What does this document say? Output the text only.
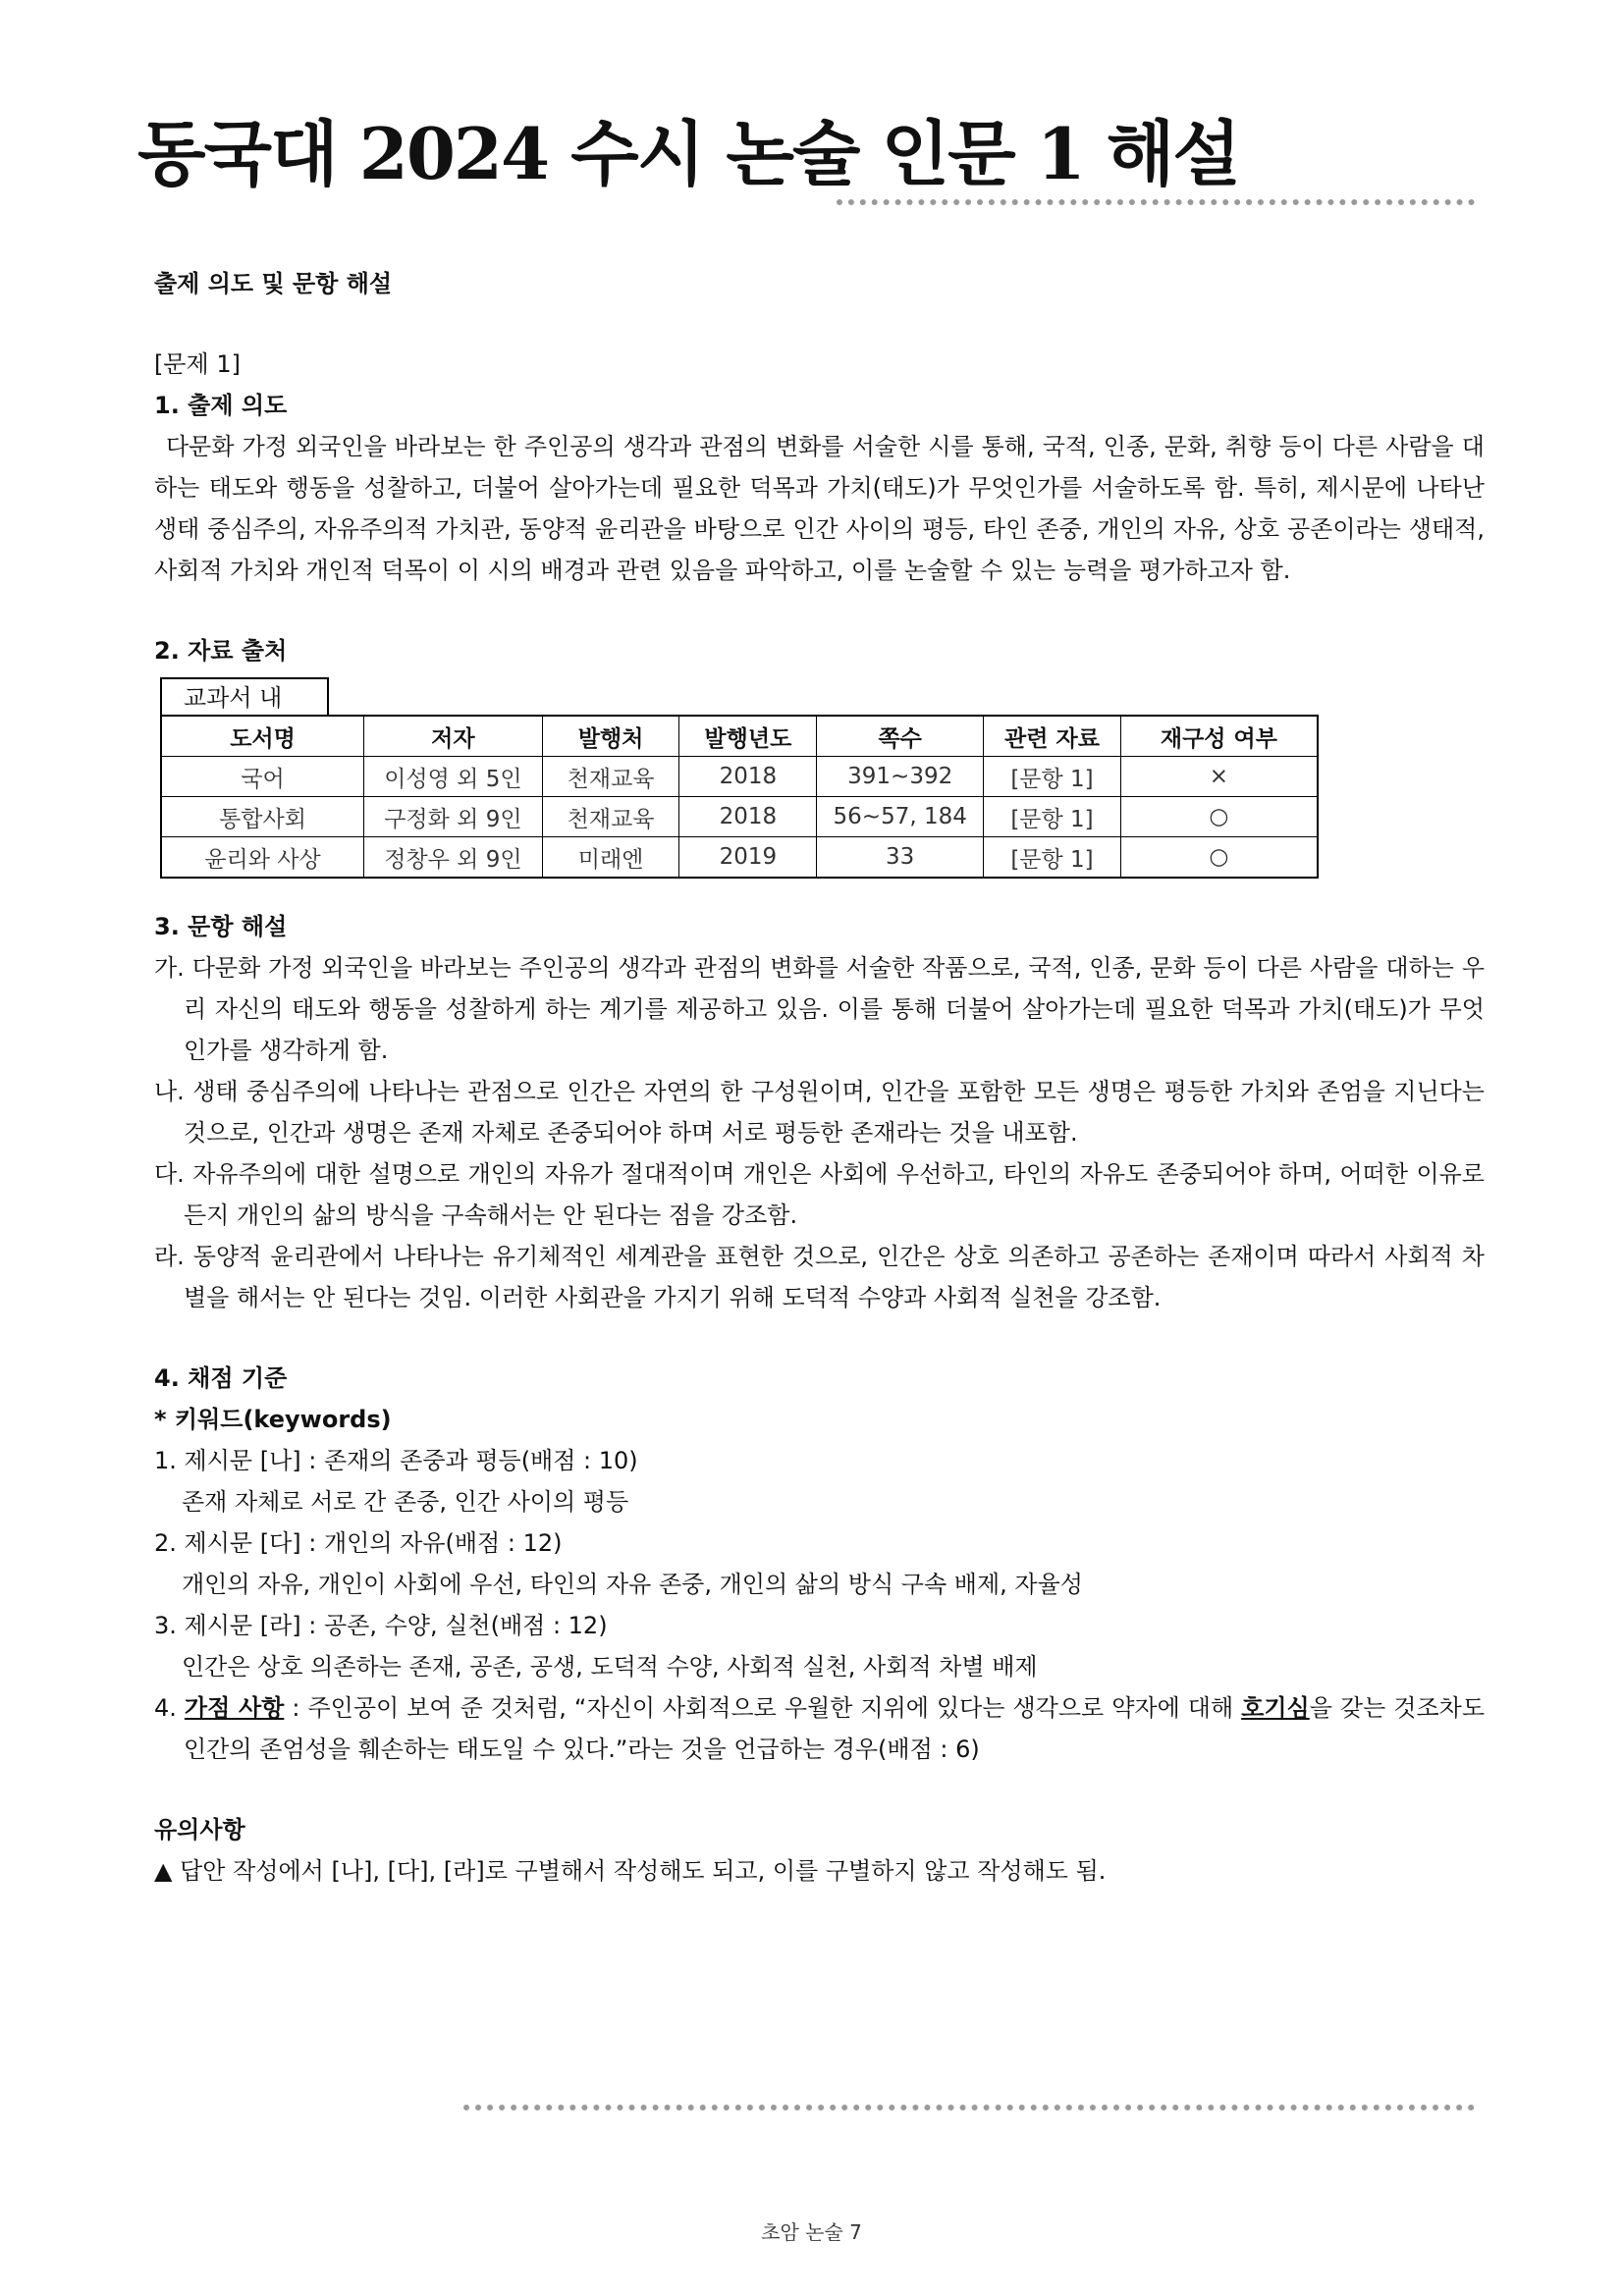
동국대 2024 수시 논술 인문 1 해설
출제 의도 및 문항 해설
[문제 1]
1. 출제 의도
다문화 가정 외국인을 바라보는 한 주인공의 생각과 관점의 변화를 서술한 시를 통해, 국적, 인종, 문화, 취향 등이 다른 사람을 대하는 태도와 행동을 성찰하고, 더불어 살아가는데 필요한 덕목과 가치(태도)가 무엇인가를 서술하도록 함. 특히, 제시문에 나타난 생태 중심주의, 자유주의적 가치관, 동양적 윤리관을 바탕으로 인간 사이의 평등, 타인 존중, 개인의 자유, 상호 공존이라는 생태적, 사회적 가치와 개인적 덕목이 이 시의 배경과 관련 있음을 파악하고, 이를 논술할 수 있는 능력을 평가하고자 함.
2. 자료 출처
교과서 내
도서명	저자	발행처	발행년도	쪽수	관련 자료	재구성 여부
국어	이성영 외 5인	천재교육	2018	391~392	[문항 1]	×
통합사회	구정화 외 9인	천재교육	2018	56~57, 184	[문항 1]	○
윤리와 사상	정창우 외 9인	미래엔	2019	33	[문항 1]	○
3. 문항 해설
가. 다문화 가정 외국인을 바라보는 주인공의 생각과 관점의 변화를 서술한 작품으로, 국적, 인종, 문화 등이 다른 사람을 대하는 우리 자신의 태도와 행동을 성찰하게 하는 계기를 제공하고 있음. 이를 통해 더불어 살아가는데 필요한 덕목과 가치(태도)가 무엇인가를 생각하게 함.
나. 생태 중심주의에 나타나는 관점으로 인간은 자연의 한 구성원이며, 인간을 포함한 모든 생명은 평등한 가치와 존엄을 지닌다는 것으로, 인간과 생명은 존재 자체로 존중되어야 하며 서로 평등한 존재라는 것을 내포함.
다. 자유주의에 대한 설명으로 개인의 자유가 절대적이며 개인은 사회에 우선하고, 타인의 자유도 존중되어야 하며, 어떠한 이유로든지 개인의 삶의 방식을 구속해서는 안 된다는 점을 강조함.
라. 동양적 윤리관에서 나타나는 유기체적인 세계관을 표현한 것으로, 인간은 상호 의존하고 공존하는 존재이며 따라서 사회적 차별을 해서는 안 된다는 것임. 이러한 사회관을 가지기 위해 도덕적 수양과 사회적 실천을 강조함.
4. 채점 기준
* 키워드(keywords)
1. 제시문 [나] : 존재의 존중과 평등(배점 : 10)
존재 자체로 서로 간 존중, 인간 사이의 평등
2. 제시문 [다] : 개인의 자유(배점 : 12)
개인의 자유, 개인이 사회에 우선, 타인의 자유 존중, 개인의 삶의 방식 구속 배제, 자율성
3. 제시문 [라] : 공존, 수양, 실천(배점 : 12)
인간은 상호 의존하는 존재, 공존, 공생, 도덕적 수양, 사회적 실천, 사회적 차별 배제
4. 가점 사항 : 주인공이 보여 준 것처럼, “자신이 사회적으로 우월한 지위에 있다는 생각으로 약자에 대해 호기심을 갖는 것조차도 인간의 존엄성을 훼손하는 태도일 수 있다.”라는 것을 언급하는 경우(배점 : 6)
유의사항
▲ 답안 작성에서 [나], [다], [라]로 구별해서 작성해도 되고, 이를 구별하지 않고 작성해도 됨.
초암 논술 7
